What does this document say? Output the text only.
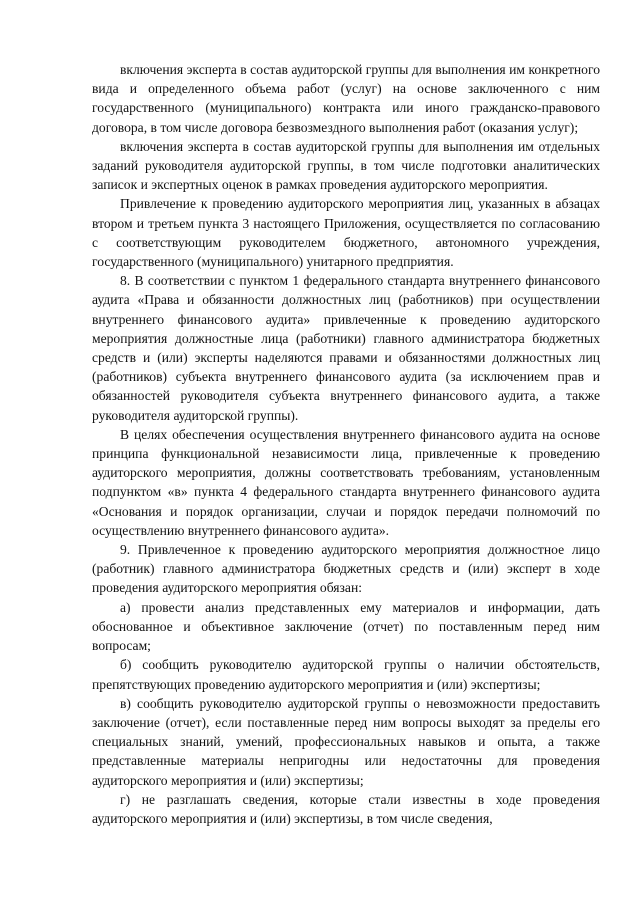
включения эксперта в состав аудиторской группы для выполнения им конкретного вида и определенного объема работ (услуг) на основе заключенного с ним государственного (муниципального) контракта или иного гражданско-правового договора, в том числе договора безвозмездного выполнения работ (оказания услуг);

включения эксперта в состав аудиторской группы для выполнения им отдельных заданий руководителя аудиторской группы, в том числе подготовки аналитических записок и экспертных оценок в рамках проведения аудиторского мероприятия.

Привлечение к проведению аудиторского мероприятия лиц, указанных в абзацах втором и третьем пункта 3 настоящего Приложения, осуществляется по согласованию с соответствующим руководителем бюджетного, автономного учреждения, государственного (муниципального) унитарного предприятия.

8. В соответствии с пунктом 1 федерального стандарта внутреннего финансового аудита «Права и обязанности должностных лиц (работников) при осуществлении внутреннего финансового аудита» привлеченные к проведению аудиторского мероприятия должностные лица (работники) главного администратора бюджетных средств и (или) эксперты наделяются правами и обязанностями должностных лиц (работников) субъекта внутреннего финансового аудита (за исключением прав и обязанностей руководителя субъекта внутреннего финансового аудита, а также руководителя аудиторской группы).

В целях обеспечения осуществления внутреннего финансового аудита на основе принципа функциональной независимости лица, привлеченные к проведению аудиторского мероприятия, должны соответствовать требованиям, установленным подпунктом «в» пункта 4 федерального стандарта внутреннего финансового аудита «Основания и порядок организации, случаи и порядок передачи полномочий по осуществлению внутреннего финансового аудита».

9. Привлеченное к проведению аудиторского мероприятия должностное лицо (работник) главного администратора бюджетных средств и (или) эксперт в ходе проведения аудиторского мероприятия обязан:

а) провести анализ представленных ему материалов и информации, дать обоснованное и объективное заключение (отчет) по поставленным перед ним вопросам;

б) сообщить руководителю аудиторской группы о наличии обстоятельств, препятствующих проведению аудиторского мероприятия и (или) экспертизы;

в) сообщить руководителю аудиторской группы о невозможности предоставить заключение (отчет), если поставленные перед ним вопросы выходят за пределы его специальных знаний, умений, профессиональных навыков и опыта, а также представленные материалы непригодны или недостаточны для проведения аудиторского мероприятия и (или) экспертизы;

г) не разглашать сведения, которые стали известны в ходе проведения аудиторского мероприятия и (или) экспертизы, в том числе сведения,
